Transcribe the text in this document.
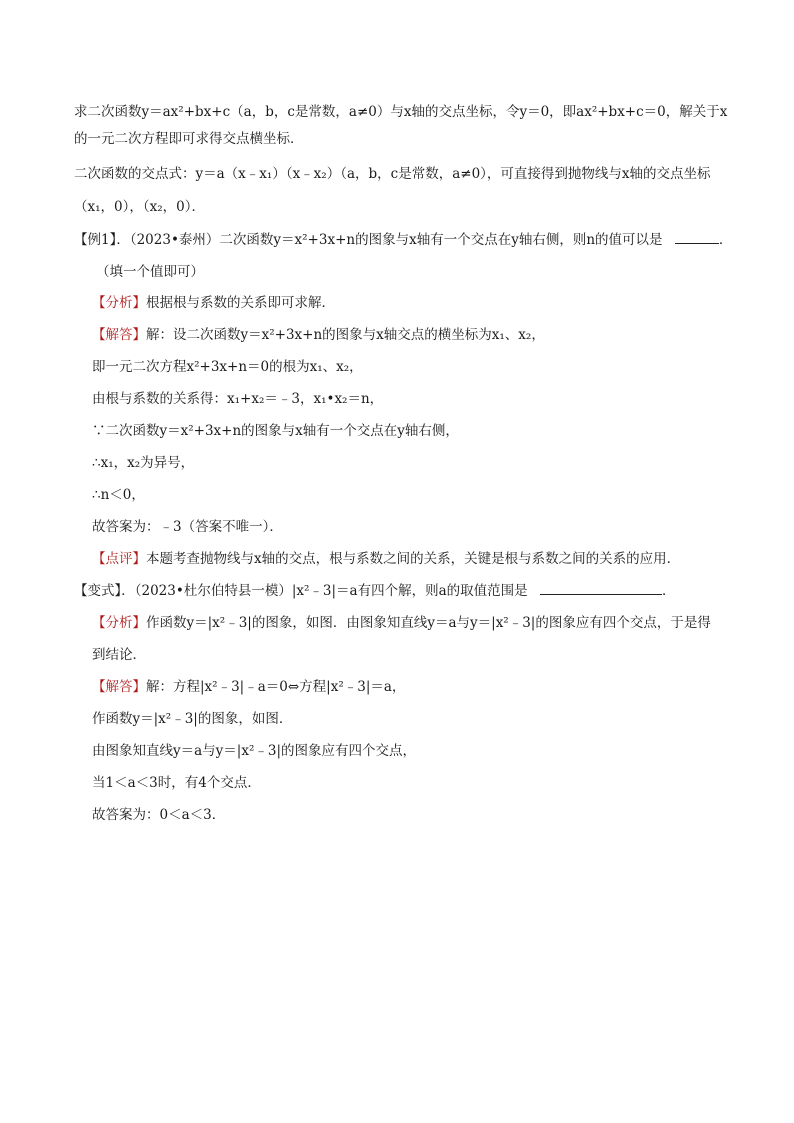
求二次函数y＝ax²+bx+c（a，b，c是常数，a≠0）与x轴的交点坐标，令y＝0，即ax²+bx+c＝0，解关于x
的一元二次方程即可求得交点横坐标．
二次函数的交点式：y＝a（x﹣x₁）（x﹣x₂）（a，b，c是常数，a≠0），可直接得到抛物线与x轴的交点坐标
（x₁，0），（x₂，0）．
【例1】．（2023•泰州）二次函数y＝x²+3x+n的图象与x轴有一个交点在y轴右侧，则n的值可以是	．
（填一个值即可）
【分析】根据根与系数的关系即可求解．
【解答】解：设二次函数y＝x²+3x+n的图象与x轴交点的横坐标为x₁、x₂，
即一元二次方程x²+3x+n＝0的根为x₁、x₂，
由根与系数的关系得：x₁+x₂＝﹣3，x₁•x₂＝n，
∵二次函数y＝x²+3x+n的图象与x轴有一个交点在y轴右侧，
∴x₁，x₂为异号，
∴n＜0，
故答案为：﹣3（答案不唯一）．
【点评】本题考查抛物线与x轴的交点，根与系数之间的关系，关键是根与系数之间的关系的应用．
【变式】．（2023•杜尔伯特县一模）|x²﹣3|＝a有四个解，则a的取值范围是	．
【分析】作函数y＝|x²﹣3|的图象，如图．由图象知直线y＝a与y＝|x²﹣3|的图象应有四个交点，于是得
到结论．
【解答】解：方程|x²﹣3|﹣a＝0⇔方程|x²﹣3|＝a，
作函数y＝|x²﹣3|的图象，如图．
由图象知直线y＝a与y＝|x²﹣3|的图象应有四个交点，
当1＜a＜3时，有4个交点．
故答案为：0＜a＜3．
